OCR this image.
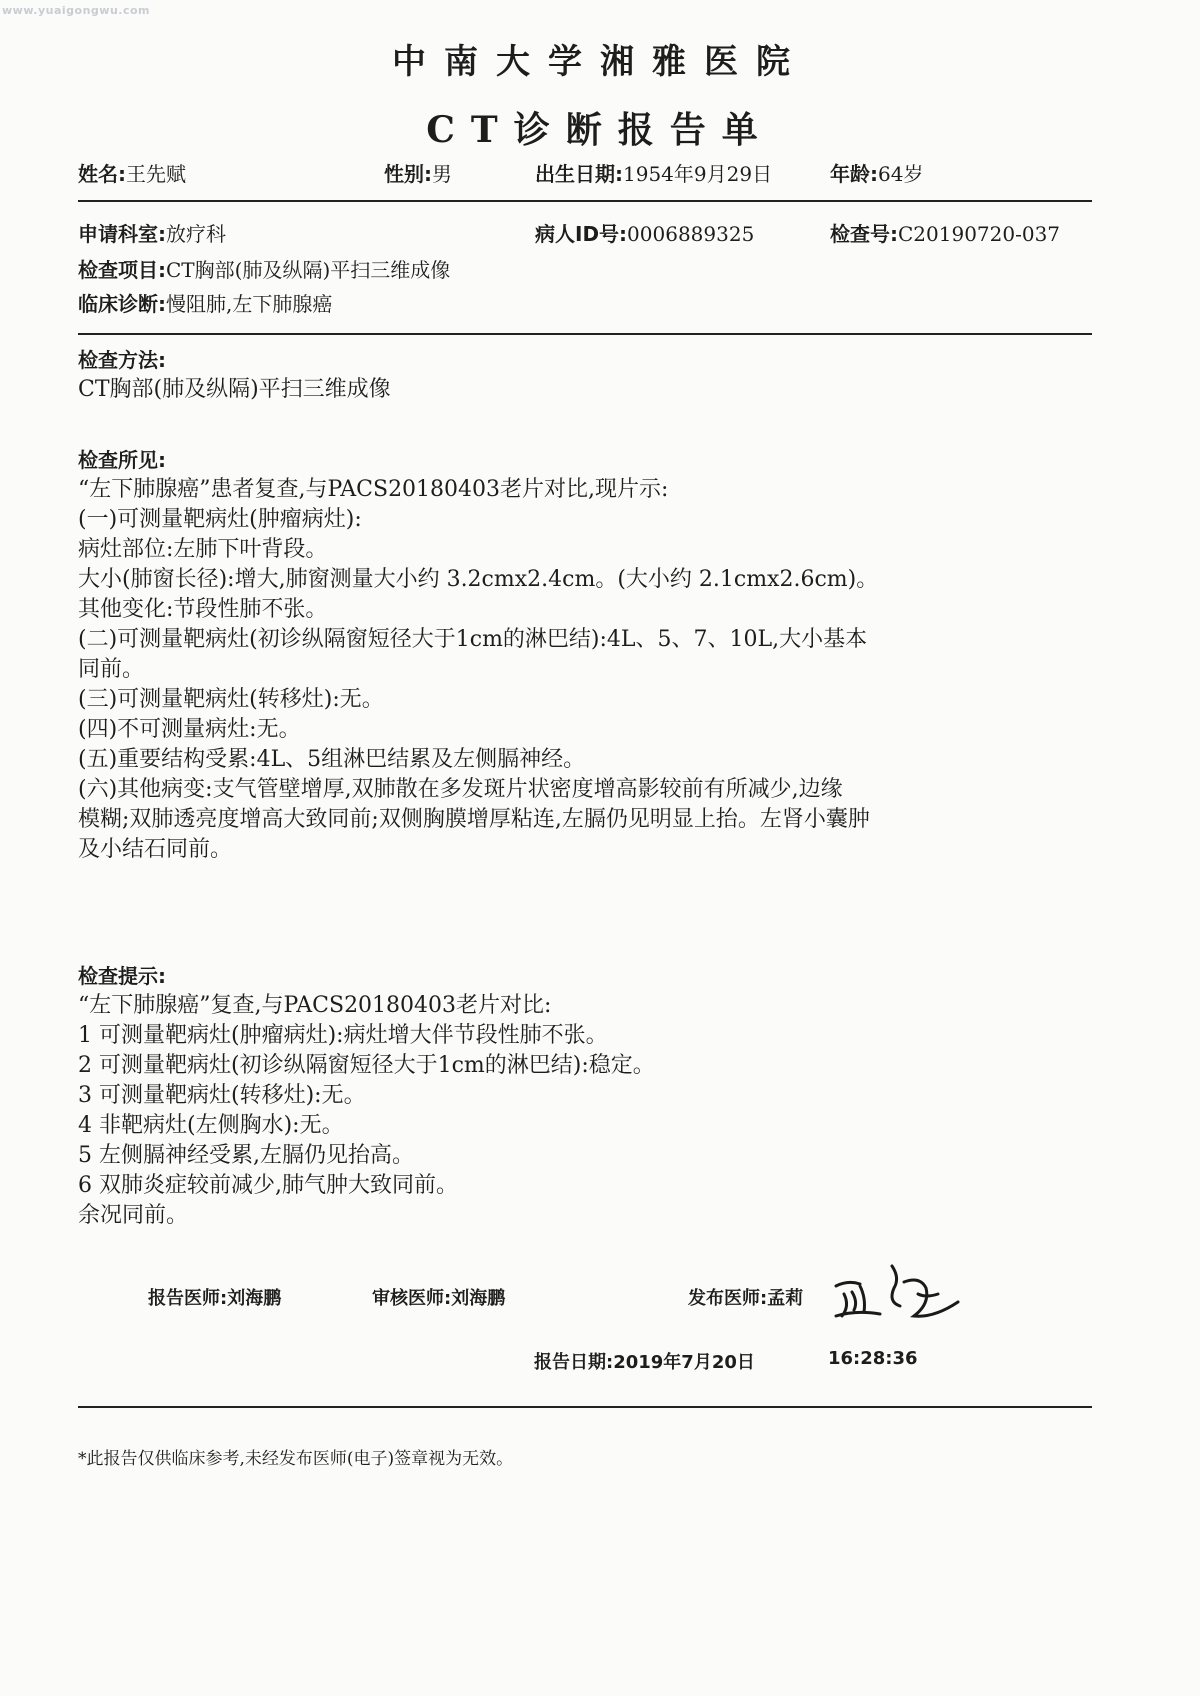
www.yuaigongwu.com
中南大学湘雅医院
CT诊断报告单
姓名:王先赋	性别:男	出生日期:1954年9月29日	年龄:64岁
申请科室:放疗科	病人ID号:0006889325	检查号:C20190720-037
检查项目:CT胸部(肺及纵隔)平扫三维成像
临床诊断:慢阻肺,左下肺腺癌
检查方法:
CT胸部(肺及纵隔)平扫三维成像
检查所见:
“左下肺腺癌”患者复查,与PACS20180403老片对比,现片示:
(一)可测量靶病灶(肿瘤病灶):
病灶部位:左肺下叶背段。
大小(肺窗长径):增大,肺窗测量大小约 3.2cmx2.4cm。(大小约 2.1cmx2.6cm)。
其他变化:节段性肺不张。
(二)可测量靶病灶(初诊纵隔窗短径大于1cm的淋巴结):4L、5、7、10L,大小基本
同前。
(三)可测量靶病灶(转移灶):无。
(四)不可测量病灶:无。
(五)重要结构受累:4L、5组淋巴结累及左侧膈神经。
(六)其他病变:支气管壁增厚,双肺散在多发斑片状密度增高影较前有所减少,边缘
模糊;双肺透亮度增高大致同前;双侧胸膜增厚粘连,左膈仍见明显上抬。左肾小囊肿
及小结石同前。
检查提示:
“左下肺腺癌”复查,与PACS20180403老片对比:
1 可测量靶病灶(肿瘤病灶):病灶增大伴节段性肺不张。
2 可测量靶病灶(初诊纵隔窗短径大于1cm的淋巴结):稳定。
3 可测量靶病灶(转移灶):无。
4 非靶病灶(左侧胸水):无。
5 左侧膈神经受累,左膈仍见抬高。
6 双肺炎症较前减少,肺气肿大致同前。
余况同前。
报告医师:刘海鹏	审核医师:刘海鹏	发布医师:孟莉
报告日期:2019年7月20日	16:28:36
*此报告仅供临床参考,未经发布医师(电子)签章视为无效。
